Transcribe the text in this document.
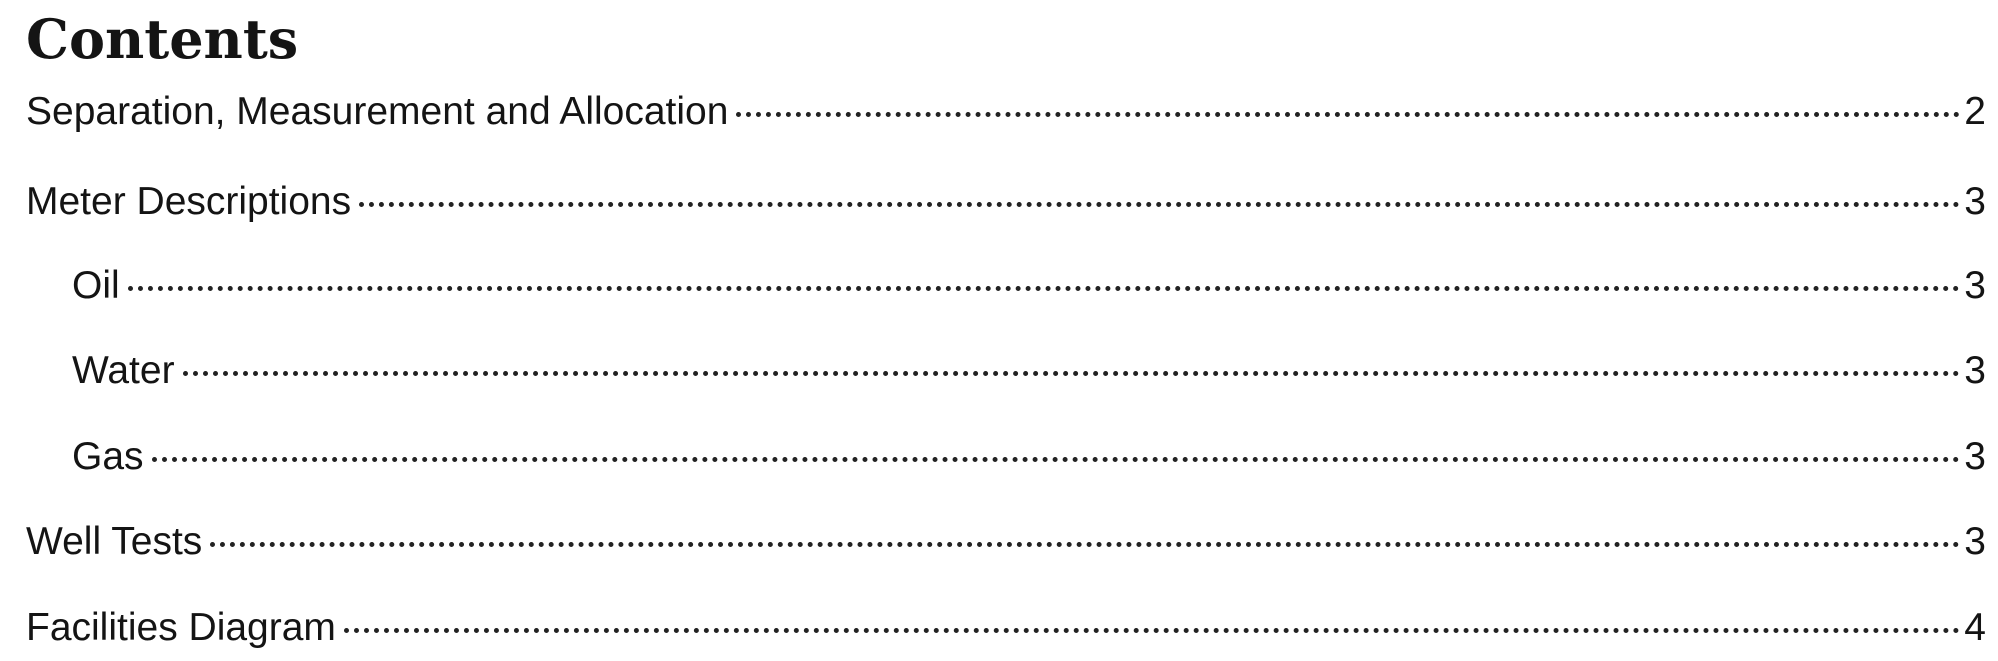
Contents
Separation, Measurement and Allocation	2
Meter Descriptions	3
Oil	3
Water	3
Gas	3
Well Tests	3
Facilities Diagram	4
